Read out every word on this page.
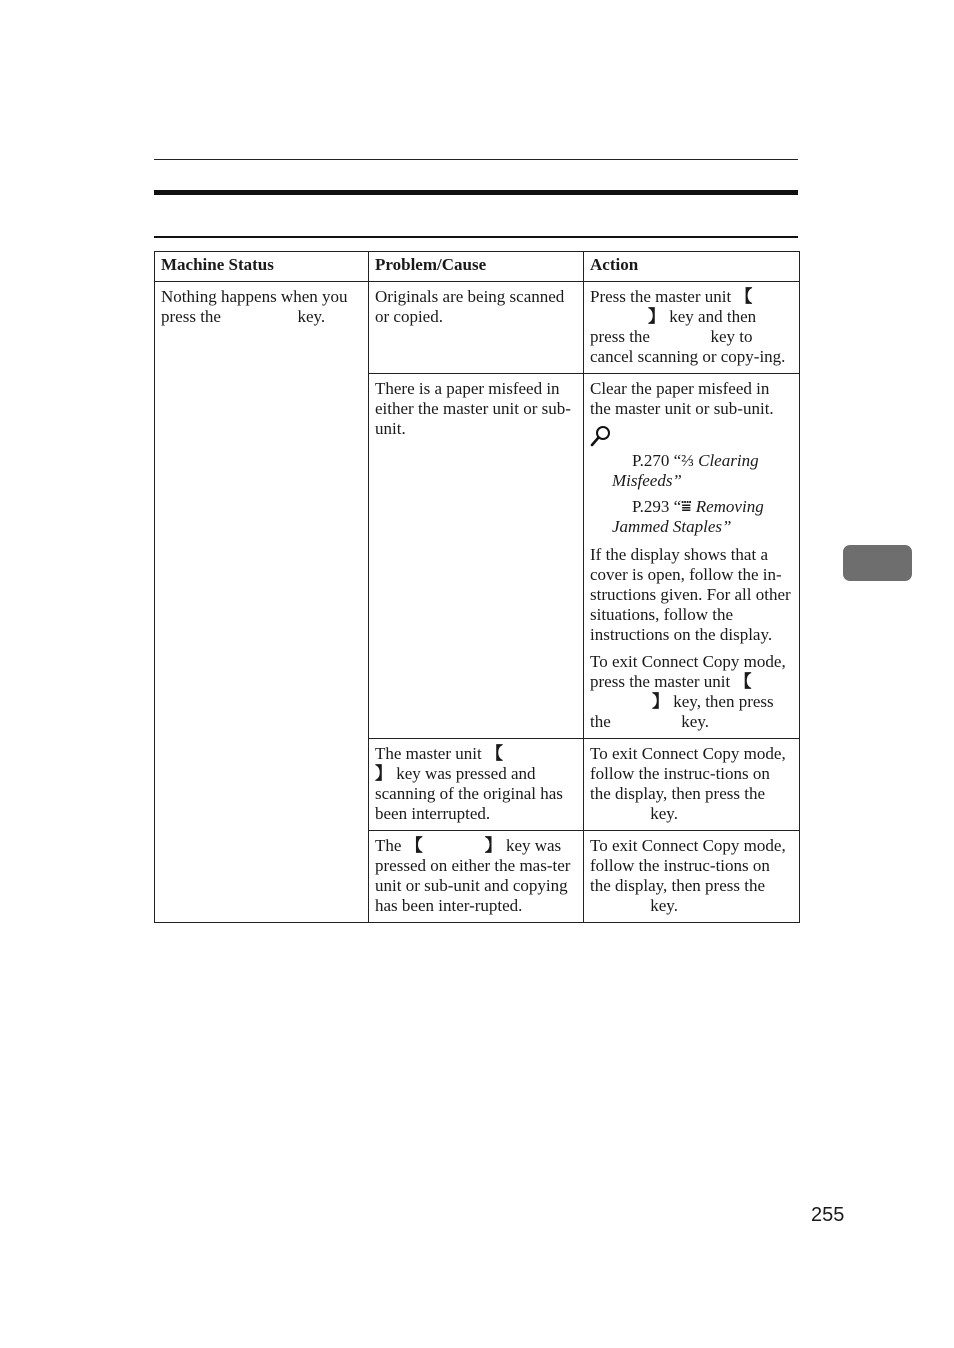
Machine Status	Problem/Cause	Action
Nothing happens when you press the key.	Originals are being scanned or copied.	Press the master unit 【】 key and then press the key to cancel scanning or copy-ing.
	There is a paper misfeed in either the master unit or sub-unit.	Clear the paper misfeed in the master unit or sub-unit.

P.270 “⅔ Clearing Misfeeds”
P.293 “⩸ Removing Jammed Staples”

If the display shows that a cover is open, follow the in-structions given. For all other situations, follow the instructions on the display.

To exit Connect Copy mode, press the master unit 【】 key, then press the key.

	The master unit 【】 key was pressed and scanning of the original has been interrupted.	To exit Connect Copy mode, follow the instruc-tions on the display, then press the  key.
	The 【 】 key was pressed on either the mas-ter unit or sub-unit and copying has been inter-rupted.	To exit Connect Copy mode, follow the instruc-tions on the display, then press the  key.
255
